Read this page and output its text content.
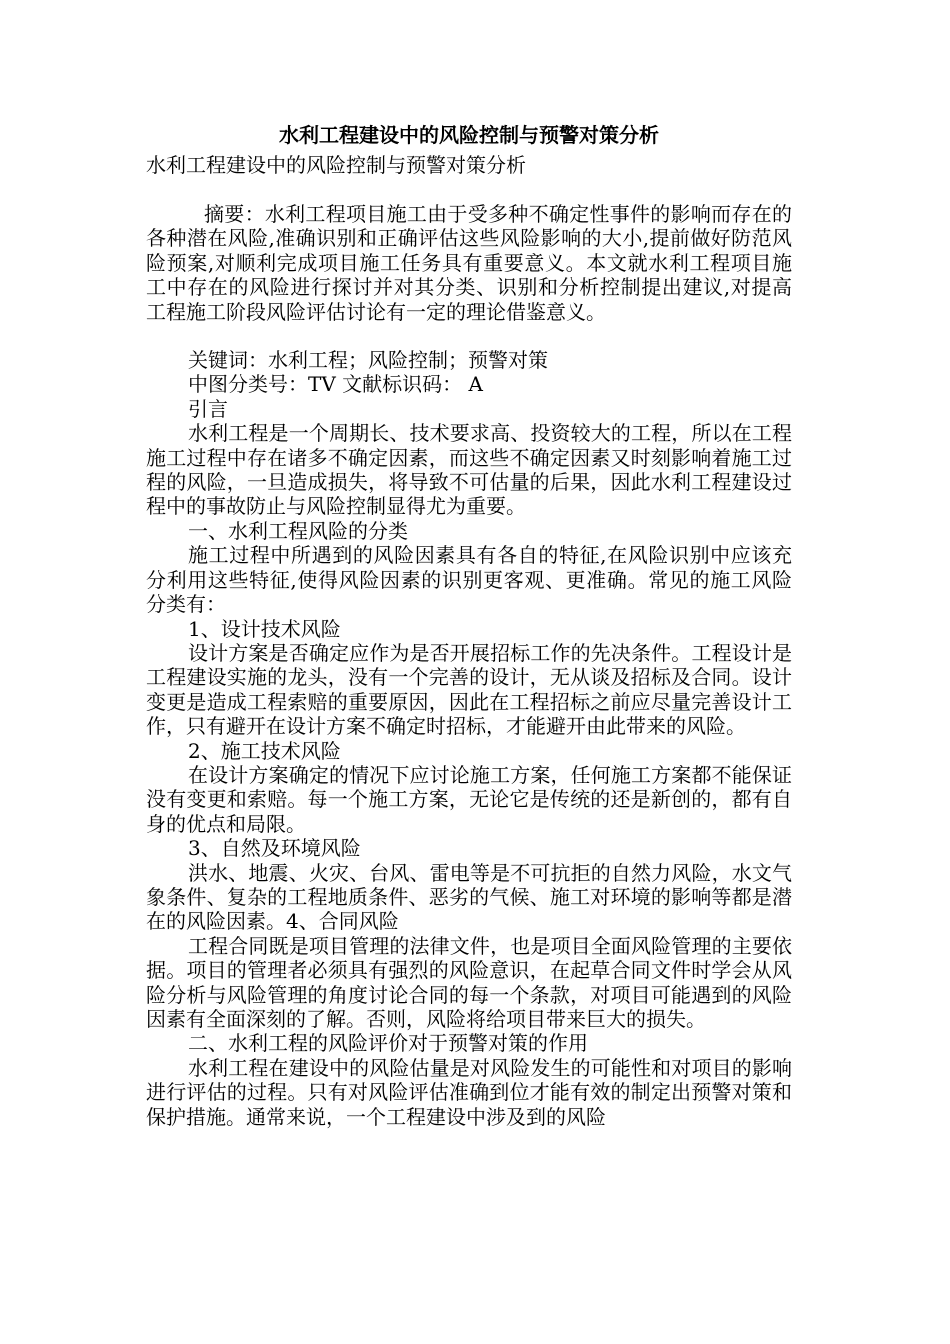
水利工程建设中的风险控制与预警对策分析

水利工程建设中的风险控制与预警对策分析

摘要：水利工程项目施工由于受多种不确定性事件的影响而存在的各种潜在风险,准确识别和正确评估这些风险影响的大小,提前做好防范风险预案,对顺利完成项目施工任务具有重要意义。本文就水利工程项目施工中存在的风险进行探讨并对其分类、识别和分析控制提出建议,对提高工程施工阶段风险评估讨论有一定的理论借鉴意义。

关键词：水利工程；风险控制；预警对策

中图分类号：TV 文献标识码： A

引言

水利工程是一个周期长、技术要求高、投资较大的工程，所以在工程施工过程中存在诸多不确定因素，而这些不确定因素又时刻影响着施工过程的风险，一旦造成损失，将导致不可估量的后果，因此水利工程建设过程中的事故防止与风险控制显得尤为重要。

一、水利工程风险的分类

施工过程中所遇到的风险因素具有各自的特征,在风险识别中应该充分利用这些特征,使得风险因素的识别更客观、更准确。常见的施工风险分类有：

1、设计技术风险

设计方案是否确定应作为是否开展招标工作的先决条件。工程设计是工程建设实施的龙头，没有一个完善的设计，无从谈及招标及合同。设计变更是造成工程索赔的重要原因，因此在工程招标之前应尽量完善设计工作，只有避开在设计方案不确定时招标，才能避开由此带来的风险。

2、施工技术风险

在设计方案确定的情况下应讨论施工方案，任何施工方案都不能保证没有变更和索赔。每一个施工方案，无论它是传统的还是新创的，都有自身的优点和局限。

3、自然及环境风险

洪水、地震、火灾、台风、雷电等是不可抗拒的自然力风险，水文气象条件、复杂的工程地质条件、恶劣的气候、施工对环境的影响等都是潜在的风险因素。4、合同风险

工程合同既是项目管理的法律文件，也是项目全面风险管理的主要依据。项目的管理者必须具有强烈的风险意识，在起草合同文件时学会从风险分析与风险管理的角度讨论合同的每一个条款，对项目可能遇到的风险因素有全面深刻的了解。否则，风险将给项目带来巨大的损失。

二、水利工程的风险评价对于预警对策的作用

水利工程在建设中的风险估量是对风险发生的可能性和对项目的影响进行评估的过程。只有对风险评估准确到位才能有效的制定出预警对策和保护措施。通常来说，一个工程建设中涉及到的风险
